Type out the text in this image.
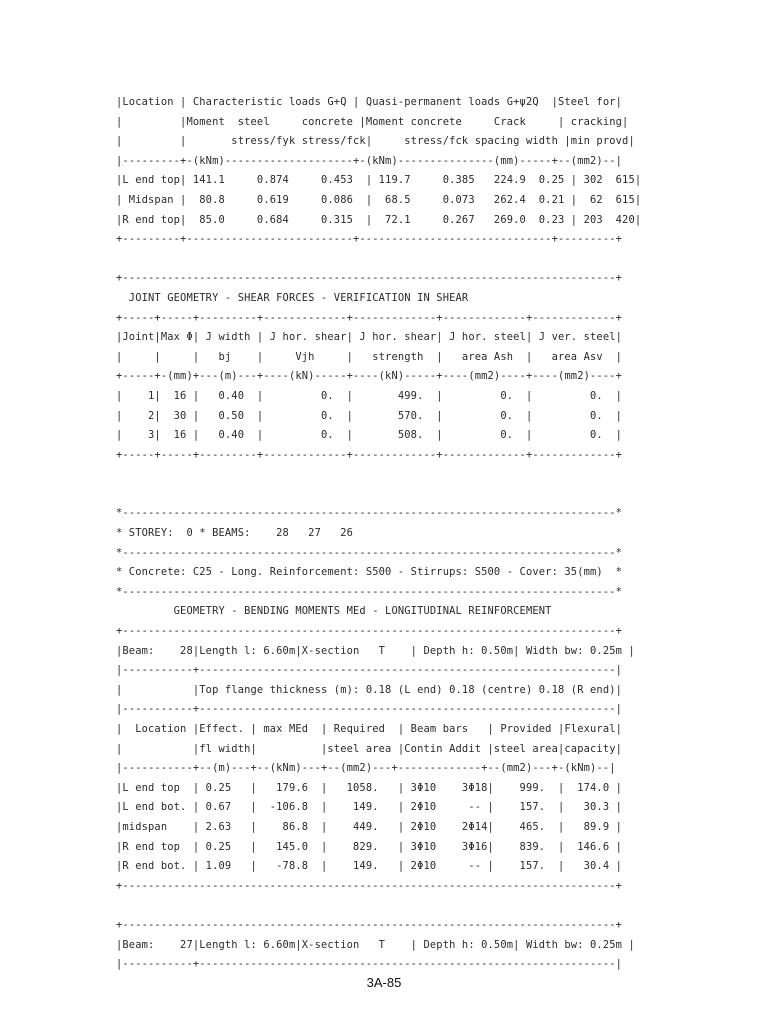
|Location | Characteristic loads G+Q | Quasi-permanent loads G+ψ2Q  |Steel for|
|         |Moment  steel     concrete |Moment concrete     Crack     | cracking|
|         |       stress/fyk stress/fck|     stress/fck spacing width |min provd|
|---------+-(kNm)--------------------+-(kNm)---------------(mm)-----+--(mm2)--|
|L end top| 141.1     0.874     0.453  | 119.7     0.385   224.9  0.25 | 302  615|
| Midspan |  80.8     0.619     0.086  |  68.5     0.073   262.4  0.21 |  62  615|
|R end top|  85.0     0.684     0.315  |  72.1     0.267   269.0  0.23 | 203  420|
+---------+--------------------------+------------------------------+---------+
+-----------------------------------------------------------------------------+
JOINT GEOMETRY - SHEAR FORCES - VERIFICATION IN SHEAR
+-----+-----+---------+-------------+-------------+-------------+-------------+
|Joint|Max Φ| J width | J hor. shear| J hor. shear| J hor. steel| J ver. steel|
|     |     |   bj    |     Vjh     |   strength  |   area Ash  |   area Asv  |
+-----+-(mm)+---(m)---+----(kN)-----+----(kN)-----+----(mm2)----+----(mm2)----+
|    1|  16 |   0.40  |         0.  |       499.  |         0.  |         0.  |
|    2|  30 |   0.50  |         0.  |       570.  |         0.  |         0.  |
|    3|  16 |   0.40  |         0.  |       508.  |         0.  |         0.  |
+-----+-----+---------+-------------+-------------+-------------+-------------+
*-----------------------------------------------------------------------------*
* STOREY:  0 * BEAMS:    28   27   26
*-----------------------------------------------------------------------------*
* Concrete: C25 - Long. Reinforcement: S500 - Stirrups: S500 - Cover: 35(mm)  *
*-----------------------------------------------------------------------------*
GEOMETRY - BENDING MOMENTS MEd - LONGITUDINAL REINFORCEMENT
+-----------------------------------------------------------------------------+
|Beam:    28|Length l: 6.60m|X-section   T    | Depth h: 0.50m| Width bw: 0.25m |
|-----------+-----------------------------------------------------------------|
|           |Top flange thickness (m): 0.18 (L end) 0.18 (centre) 0.18 (R end)|
|-----------+-----------------------------------------------------------------|
|  Location |Effect. | max MEd  | Required  | Beam bars   | Provided |Flexural|
|           |fl width|          |steel area |Contin Addit |steel area|capacity|
|-----------+--(m)---+--(kNm)---+--(mm2)---+-------------+--(mm2)---+-(kNm)--|
|L end top  | 0.25   |   179.6  |   1058.   | 3Φ10    3Φ18|    999.  |  174.0 |
|L end bot. | 0.67   |  -106.8  |    149.   | 2Φ10     -- |    157.  |   30.3 |
|midspan    | 2.63   |    86.8  |    449.   | 2Φ10    2Φ14|    465.  |   89.9 |
|R end top  | 0.25   |   145.0  |    829.   | 3Φ10    3Φ16|    839.  |  146.6 |
|R end bot. | 1.09   |   -78.8  |    149.   | 2Φ10     -- |    157.  |   30.4 |
+-----------------------------------------------------------------------------+
+-----------------------------------------------------------------------------+
|Beam:    27|Length l: 6.60m|X-section   T    | Depth h: 0.50m| Width bw: 0.25m |
|-----------+-----------------------------------------------------------------|
3A-85
